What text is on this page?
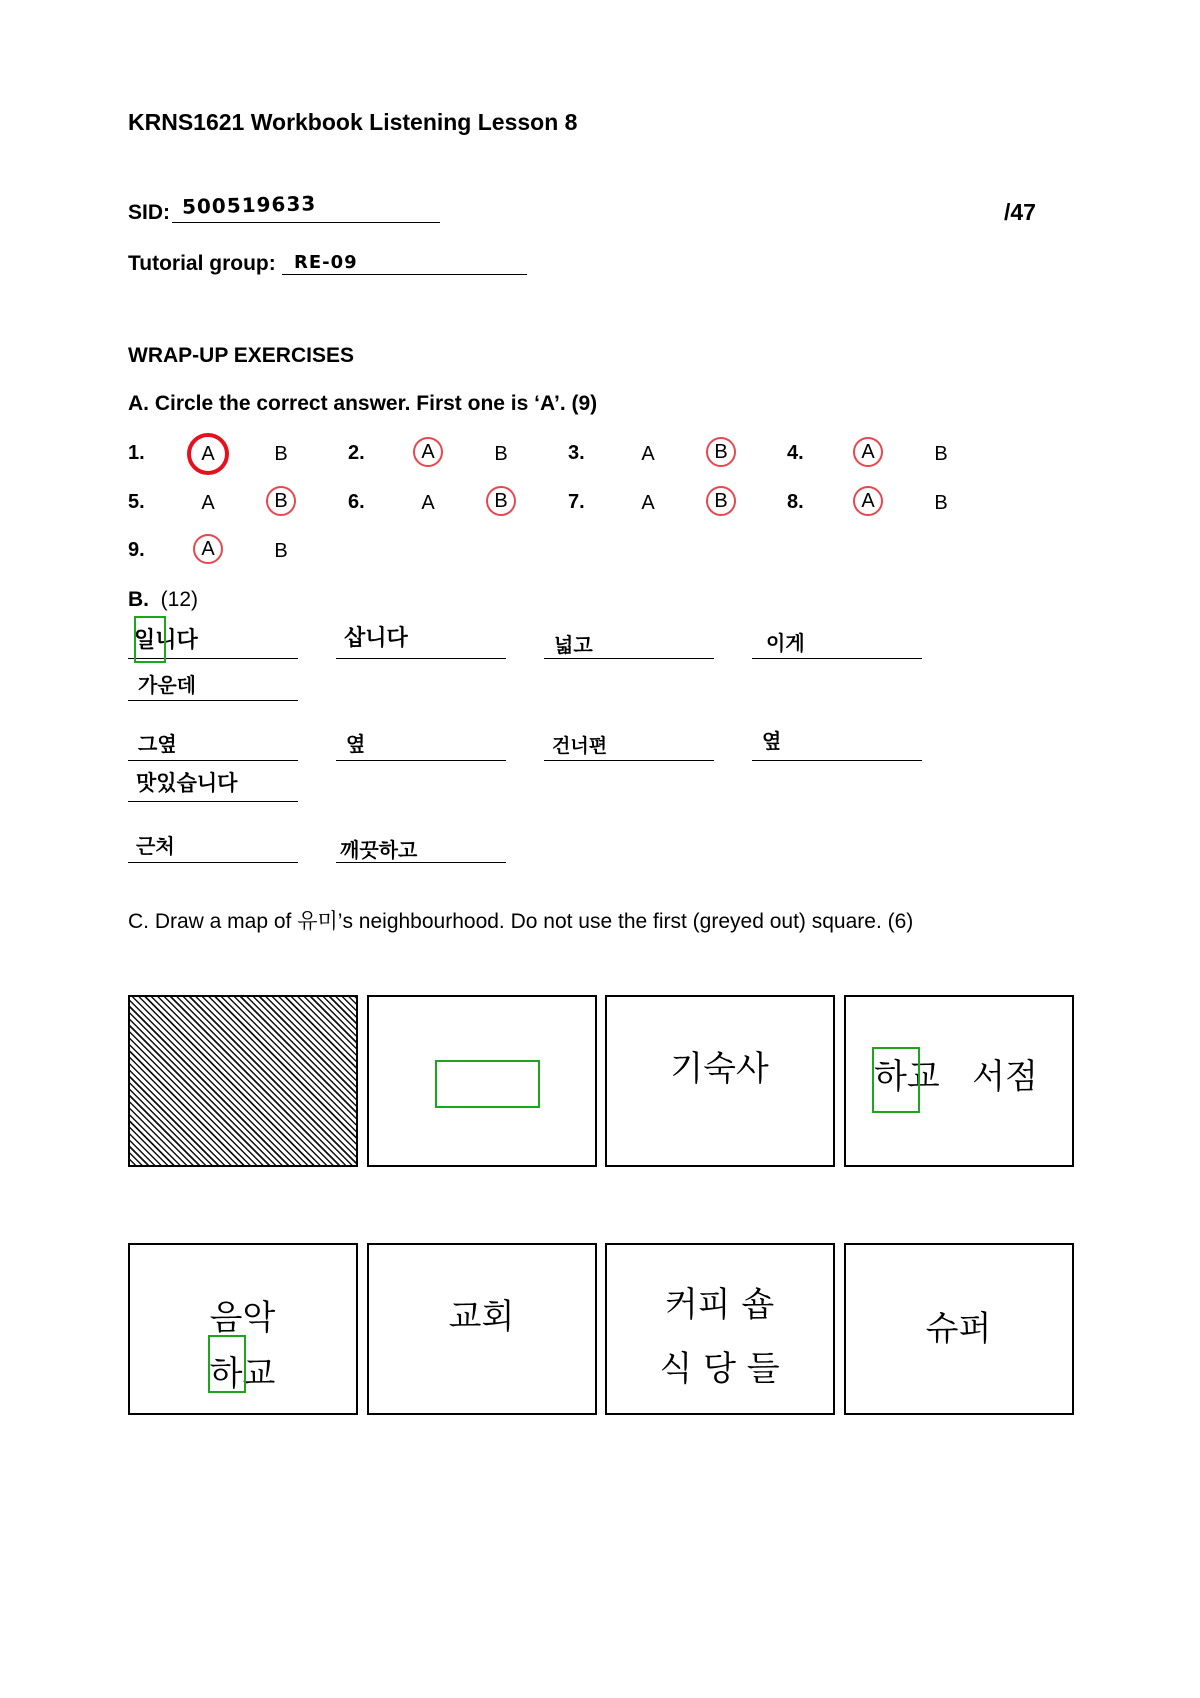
KRNS1621 Workbook Listening Lesson 8
SID: 500519633	/47
Tutorial group: RE-09
WRAP-UP EXERCISES
A. Circle the correct answer. First one is ‘A’. (9)
1.	A	B	2.	A	B	3.	A	B	4.	A	B
5.	A	B	6.	A	B	7.	A	B	8.	A	B
9.	A	B
B. (12)
일니다	삽니다	넓고	이게
가운데
그옆	옆	건너편	옆
맛있습니다
근처	깨끗하고
C. Draw a map of 유미’s neighbourhood. Do not use the first (greyed out) square. (6)
기숙사	하교   서점
음악
하교
교회	커피 숍
식 당 들
슈퍼
